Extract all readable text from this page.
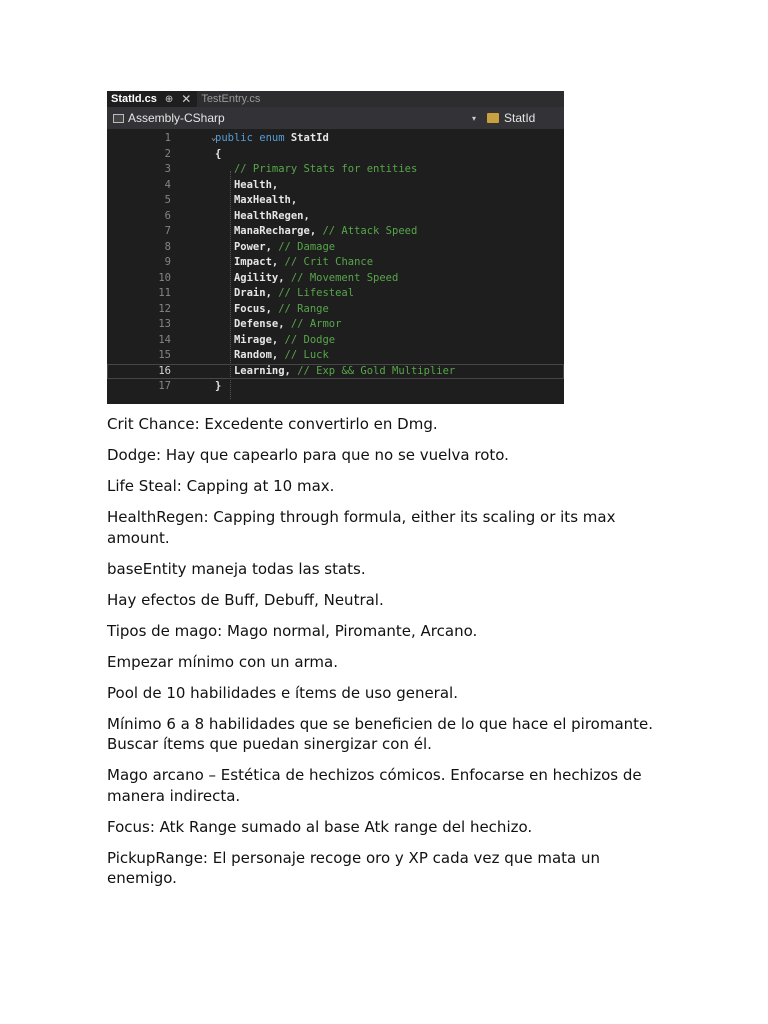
StatId.cs ⊕ ✕ TestEntry.cs
Assembly-CSharp	▾ StatId
1	⌄
public enum StatId
2	{
3	// Primary Stats for entities
4	Health,
5	MaxHealth,
6	HealthRegen,
7	ManaRecharge, // Attack Speed
8	Power, // Damage
9	Impact, // Crit Chance
10	Agility, // Movement Speed
11	Drain, // Lifesteal
12	Focus, // Range
13	Defense, // Armor
14	Mirage, // Dodge
15	Random, // Luck
16	Learning, // Exp && Gold Multiplier
17	}

Crit Chance: Excedente convertirlo en Dmg.

Dodge: Hay que capearlo para que no se vuelva roto.

Life Steal: Capping at 10 max.

HealthRegen: Capping through formula, either its scaling or its max amount.

baseEntity maneja todas las stats.

Hay efectos de Buff, Debuff, Neutral.

Tipos de mago: Mago normal, Piromante, Arcano.

Empezar mínimo con un arma.

Pool de 10 habilidades e ítems de uso general.

Mínimo 6 a 8 habilidades que se beneficien de lo que hace el piromante. Buscar ítems que puedan sinergizar con él.

Mago arcano – Estética de hechizos cómicos. Enfocarse en hechizos de manera indirecta.

Focus: Atk Range sumado al base Atk range del hechizo.

PickupRange: El personaje recoge oro y XP cada vez que mata un enemigo.
